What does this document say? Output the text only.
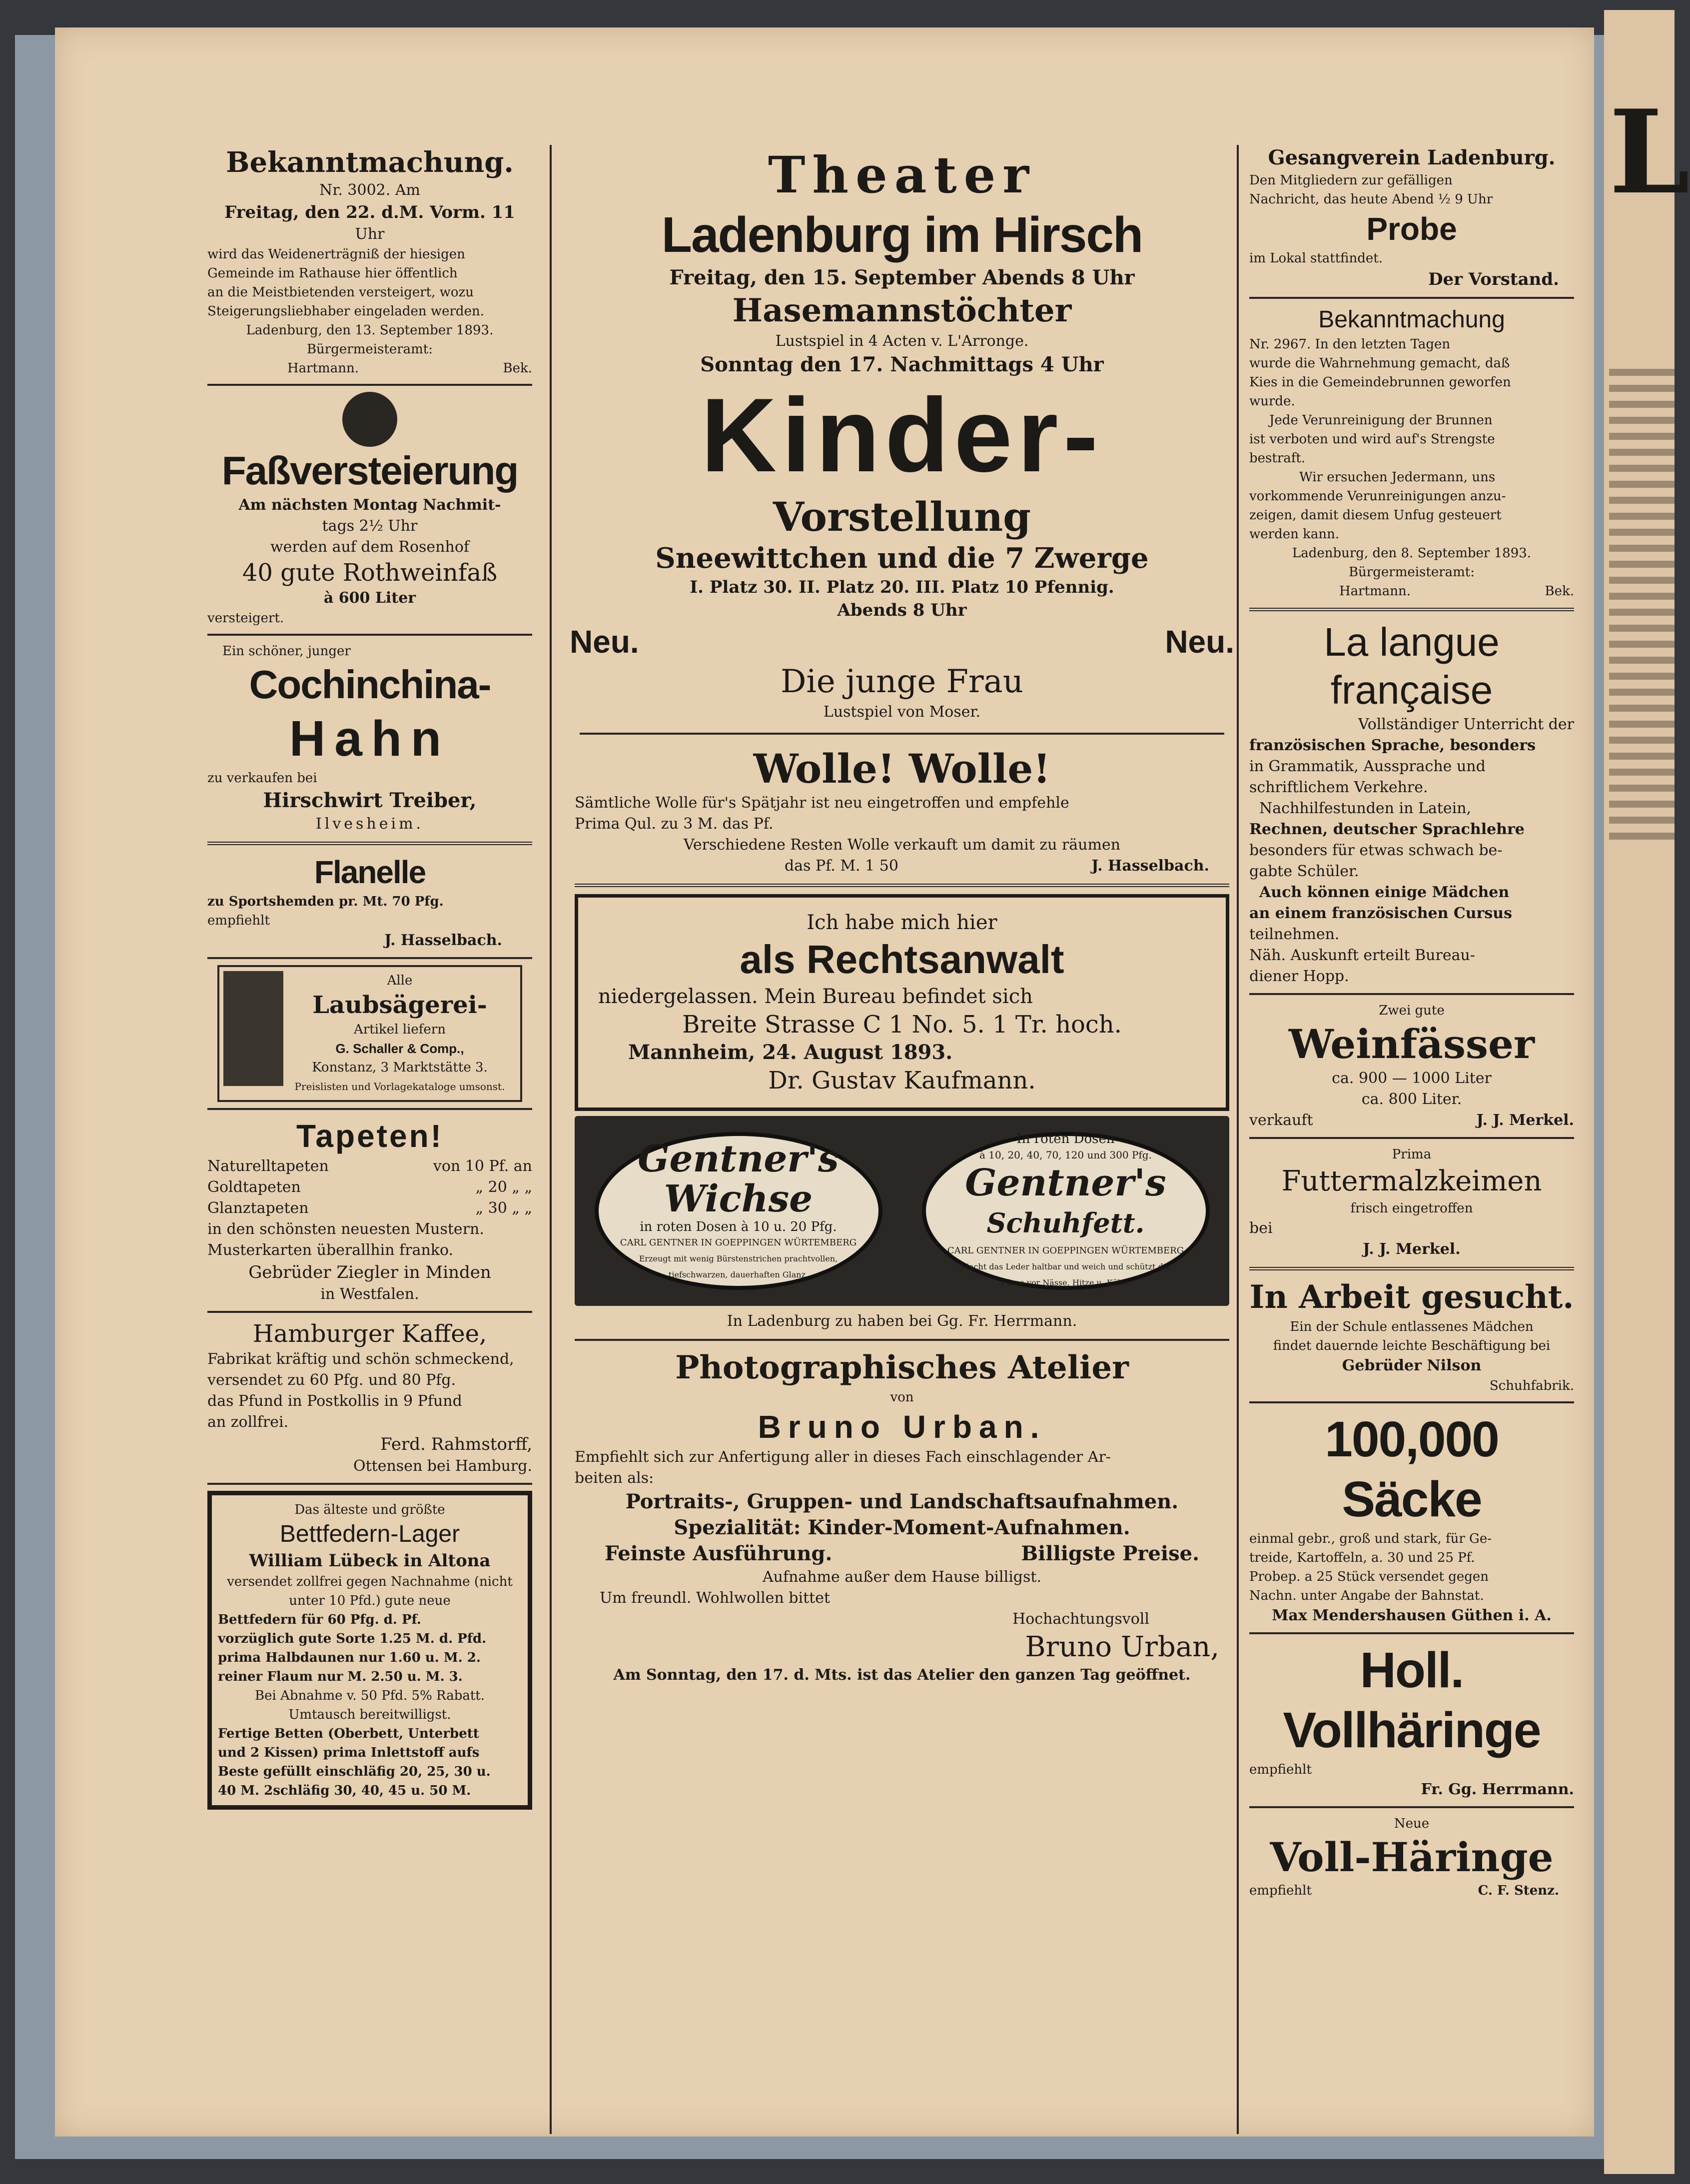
L
Bekanntmachung.
Nr. 3002. Am
Freitag, den 22. d.M. Vorm. 11
Uhr
wird das Weidenerträgniß der hiesigen
Gemeinde im Rathause hier öffentlich
an die Meistbietenden versteigert, wozu
Steigerungsliebhaber eingeladen werden.
Ladenburg, den 13. September 1893.
Bürgermeisteramt:
Hartmann.	Bek.
Faßversteierung
Am nächsten Montag Nachmit-
tags 2½ Uhr
werden auf dem Rosenhof
40 gute Rothweinfaß
à 600 Liter
versteigert.
Ein schöner, junger
Cochinchina-
Hahn
zu verkaufen bei
Hirschwirt Treiber,
Ilvesheim.
Flanelle
zu Sportshemden pr. Mt. 70 Pfg.
empfiehlt
J. Hasselbach.
Alle
Laubsägerei-
Artikel liefern
G. Schaller & Comp.,
Konstanz, 3 Marktstätte 3.
Preislisten und Vorlagekataloge umsonst.
Tapeten!
Naturelltapeten	von 10 Pf. an
Goldtapeten	„ 20 „ „
Glanztapeten	„ 30 „ „
in den schönsten neuesten Mustern.
Musterkarten überallhin franko.
Gebrüder Ziegler in Minden
in Westfalen.
Hamburger Kaffee,
Fabrikat kräftig und schön schmeckend,
versendet zu 60 Pfg. und 80 Pfg.
das Pfund in Postkollis in 9 Pfund
an zollfrei.
Ferd. Rahmstorff,
Ottensen bei Hamburg.
Das älteste und größte
Bettfedern-Lager
William Lübeck in Altona
versendet zollfrei gegen Nachnahme (nicht
unter 10 Pfd.) gute neue
Bettfedern für 60 Pfg. d. Pf.
vorzüglich gute Sorte 1.25 M. d. Pfd.
prima Halbdaunen nur 1.60 u. M. 2.
reiner Flaum nur M. 2.50 u. M. 3.
Bei Abnahme v. 50 Pfd. 5% Rabatt.
Umtausch bereitwilligst.
Fertige Betten (Oberbett, Unterbett
und 2 Kissen) prima Inlettstoff aufs
Beste gefüllt einschläfig 20, 25, 30 u.
40 M. 2schläfig 30, 40, 45 u. 50 M.
Theater
Ladenburg im Hirsch
Freitag, den 15. September Abends 8 Uhr
Hasemannstöchter
Lustspiel in 4 Acten v. L'Arronge.
Sonntag den 17. Nachmittags 4 Uhr
Kinder-
Vorstellung
Sneewittchen und die 7 Zwerge
I. Platz 30. II. Platz 20. III. Platz 10 Pfennig.
Abends 8 Uhr
Neu.	Neu.
Die junge Frau
Lustspiel von Moser.
Wolle! Wolle!
Sämtliche Wolle für's Spätjahr ist neu eingetroffen und empfehle
Prima Qul. zu 3 M. das Pf.
Verschiedene Resten Wolle verkauft um damit zu räumen
das Pf. M. 1 50	J. Hasselbach.
Ich habe mich hier
als Rechtsanwalt
niedergelassen. Mein Bureau befindet sich
Breite Strasse C 1 No. 5. 1 Tr. hoch.
Mannheim, 24. August 1893.
Dr. Gustav Kaufmann.
Gentner's
Wichse
in roten Dosen à 10 u. 20 Pfg.
CARL GENTNER IN GOEPPINGEN WÜRTEMBERG
Erzeugt mit wenig Bürstenstrichen prachtvollen, tiefschwarzen, dauerhaften Glanz.
In roten Dosen
à 10, 20, 40, 70, 120 und 300 Pfg.
Gentner's
Schuhfett.
CARL GENTNER IN GOEPPINGEN WÜRTEMBERG
Macht das Leder haltbar und weich und schützt die Füsse vor Nässe, Hitze u. Kälte.
In Ladenburg zu haben bei Gg. Fr. Herrmann.
Photographisches Atelier
von
Bruno Urban.
Empfiehlt sich zur Anfertigung aller in dieses Fach einschlagender Ar-
beiten als:
Portraits-, Gruppen- und Landschaftsaufnahmen.
Spezialität: Kinder-Moment-Aufnahmen.
Feinste Ausführung.	Billigste Preise.
Aufnahme außer dem Hause billigst.
Um freundl. Wohlwollen bittet
Hochachtungsvoll
Bruno Urban,
Am Sonntag, den 17. d. Mts. ist das Atelier den ganzen Tag geöffnet.
Gesangverein Ladenburg.
Den Mitgliedern zur gefälligen
Nachricht, das heute Abend ½ 9 Uhr
Probe
im Lokal stattfindet.
Der Vorstand.
Bekanntmachung
Nr. 2967. In den letzten Tagen
wurde die Wahrnehmung gemacht, daß
Kies in die Gemeindebrunnen geworfen
wurde.
Jede Verunreinigung der Brunnen
ist verboten und wird auf's Strengste
bestraft.
Wir ersuchen Jedermann, uns
vorkommende Verunreinigungen anzu-
zeigen, damit diesem Unfug gesteuert
werden kann.
Ladenburg, den 8. September 1893.
Bürgermeisteramt:
Hartmann.	Bek.
La langue
française
Vollständiger Unterricht der
französischen Sprache, besonders
in Grammatik, Aussprache und
schriftlichem Verkehre.
Nachhilfestunden in Latein,
Rechnen, deutscher Sprachlehre
besonders für etwas schwach be-
gabte Schüler.
Auch können einige Mädchen
an einem französischen Cursus
teilnehmen.
Näh. Auskunft erteilt Bureau-
diener Hopp.
Zwei gute
Weinfässer
ca. 900 — 1000 Liter
ca. 800 Liter.
verkauft	J. J. Merkel.
Prima
Futtermalzkeimen
frisch eingetroffen
bei
J. J. Merkel.
In Arbeit gesucht.
Ein der Schule entlassenes Mädchen
findet dauernde leichte Beschäftigung bei
Gebrüder Nilson
Schuhfabrik.
100,000 Säcke
einmal gebr., groß und stark, für Ge-
treide, Kartoffeln, a. 30 und 25 Pf.
Probep. a 25 Stück versendet gegen
Nachn. unter Angabe der Bahnstat.
Max Mendershausen Güthen i. A.
Holl. Vollhäringe
empfiehlt
Fr. Gg. Herrmann.
Neue
Voll-Häringe
empfiehlt	C. F. Stenz.
